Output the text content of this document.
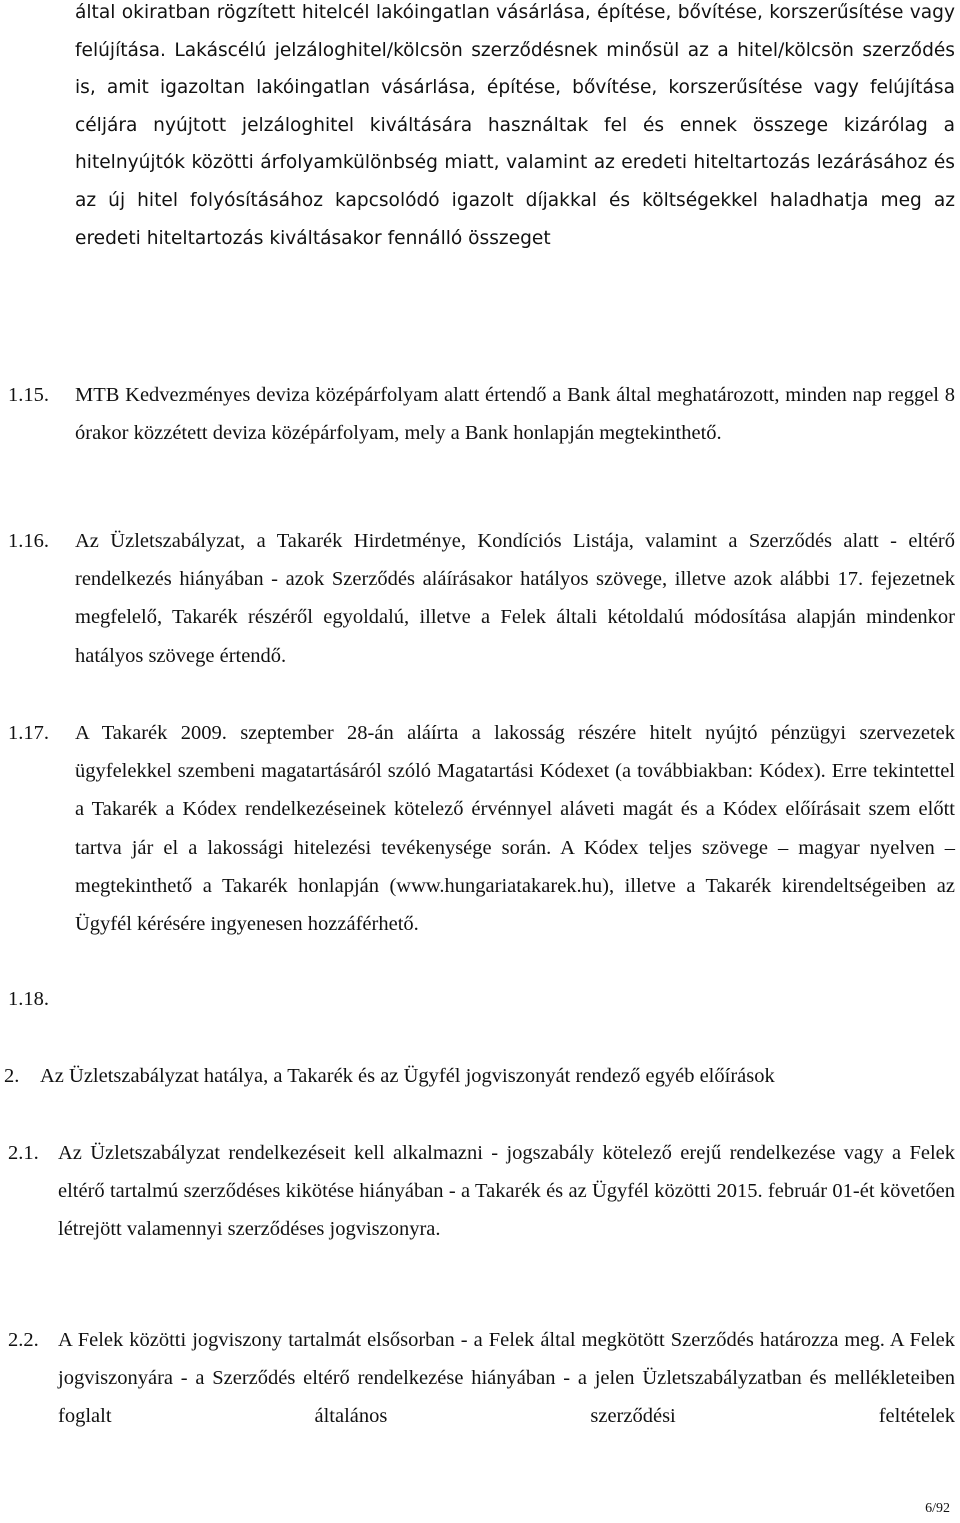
által okiratban rögzített hitelcél lakóingatlan vásárlása, építése, bővítése, korszerűsítése vagy felújítása. Lakáscélú jelzáloghitel/kölcsön szerződésnek minősül az a hitel/kölcsön szerződés is, amit igazoltan lakóingatlan vásárlása, építése, bővítése, korszerűsítése vagy felújítása céljára nyújtott jelzáloghitel kiváltására használtak fel és ennek összege kizárólag a hitelnyújtók közötti árfolyamkülönbség miatt, valamint az eredeti hiteltartozás lezárásához és az új hitel folyósításához kapcsolódó igazolt díjakkal és költségekkel haladhatja meg az eredeti hiteltartozás kiváltásakor fennálló összeget

1.15. MTB Kedvezményes deviza középárfolyam alatt értendő a Bank által meghatározott, minden nap reggel 8 órakor közzétett deviza középárfolyam, mely a Bank honlapján megtekinthető.

1.16. Az Üzletszabályzat, a Takarék Hirdetménye, Kondíciós Listája, valamint a Szerződés alatt - eltérő rendelkezés hiányában - azok Szerződés aláírásakor hatályos szövege, illetve azok alábbi 17. fejezetnek megfelelő, Takarék részéről egyoldalú, illetve a Felek általi kétoldalú módosítása alapján mindenkor hatályos szövege értendő.

1.17. A Takarék 2009. szeptember 28-án aláírta a lakosság részére hitelt nyújtó pénzügyi szervezetek ügyfelekkel szembeni magatartásáról szóló Magatartási Kódexet (a továbbiakban: Kódex). Erre tekintettel a Takarék a Kódex rendelkezéseinek kötelező érvénnyel aláveti magát és a Kódex előírásait szem előtt tartva jár el a lakossági hitelezési tevékenysége során. A Kódex teljes szövege – magyar nyelven – megtekinthető a Takarék honlapján (www.hungariatakarek.hu), illetve a Takarék kirendeltségeiben az Ügyfél kérésére ingyenesen hozzáférhető.

1.18.

2. Az Üzletszabályzat hatálya, a Takarék és az Ügyfél jogviszonyát rendező egyéb előírások

2.1. Az Üzletszabályzat rendelkezéseit kell alkalmazni - jogszabály kötelező erejű rendelkezése vagy a Felek eltérő tartalmú szerződéses kikötése hiányában - a Takarék és az Ügyfél közötti 2015. február 01-ét követően létrejött valamennyi szerződéses jogviszonyra.

2.2. A Felek közötti jogviszony tartalmát elsősorban - a Felek által megkötött Szerződés határozza meg. A Felek jogviszonyára - a Szerződés eltérő rendelkezése hiányában - a jelen Üzletszabályzatban és mellékleteiben foglalt általános szerződési feltételek

6/92
